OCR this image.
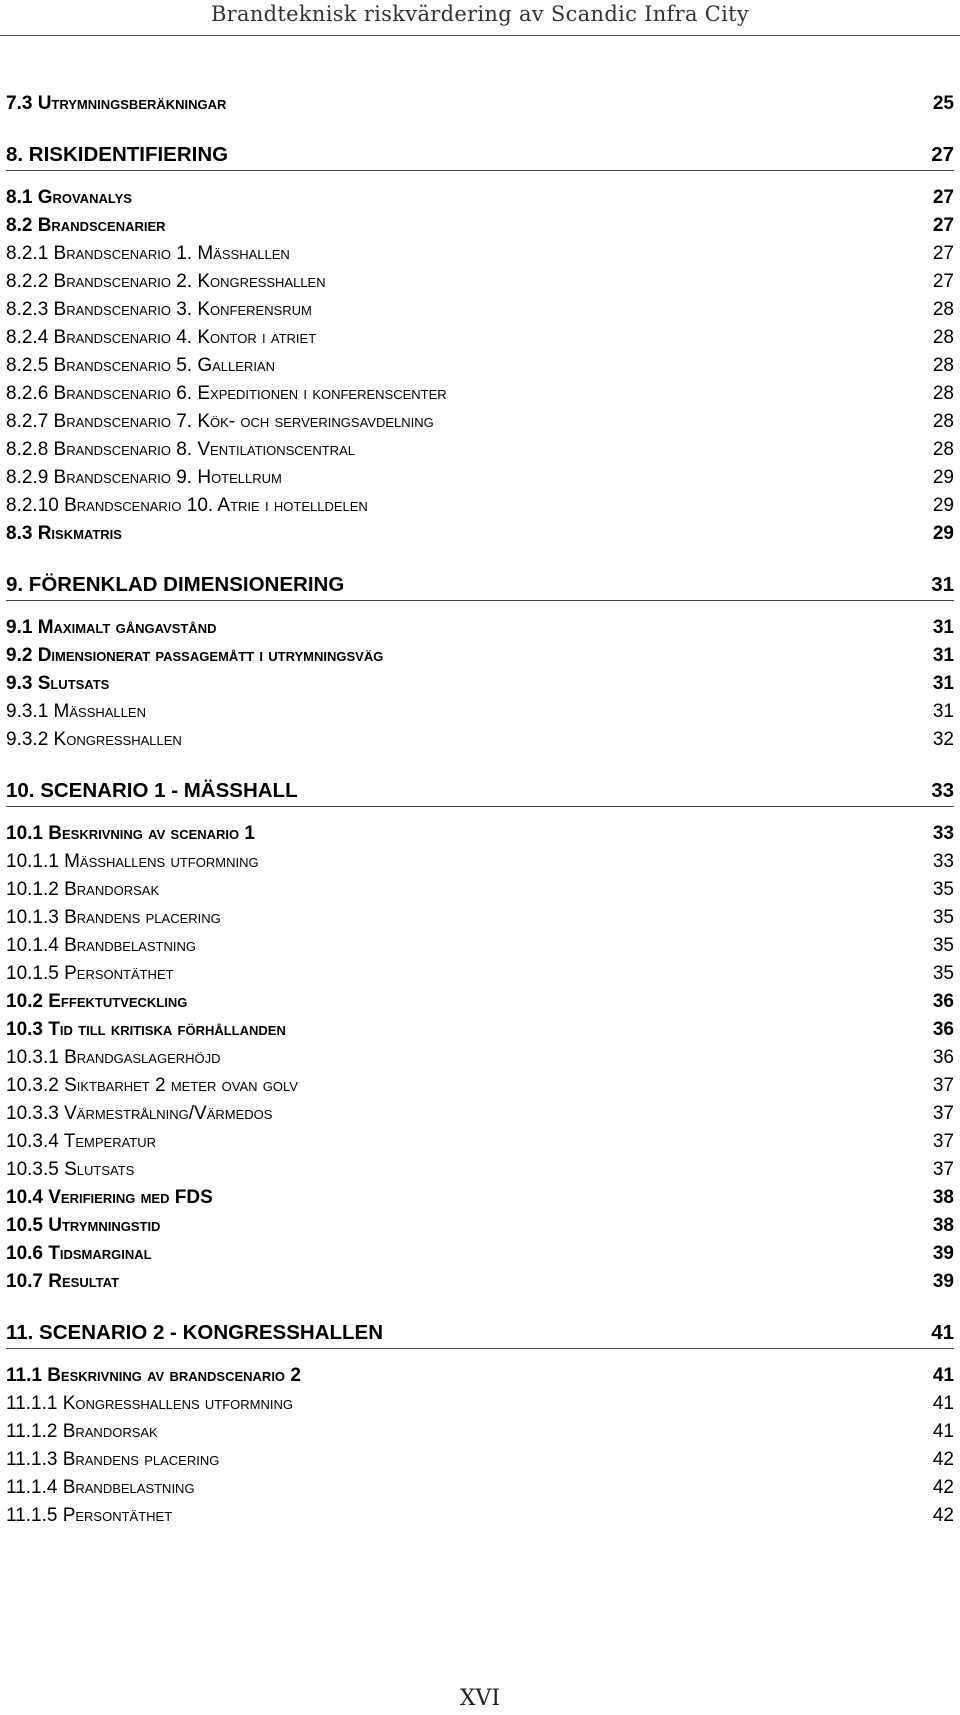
Brandteknisk riskvärdering av Scandic Infra City
7.3 Utrymningsberäkningar	25
8. RISKIDENTIFIERING	27
8.1 Grovanalys	27
8.2 Brandscenarier	27
8.2.1 Brandscenario 1. Mässhallen	27
8.2.2 Brandscenario 2. Kongresshallen	27
8.2.3 Brandscenario 3. Konferensrum	28
8.2.4 Brandscenario 4. Kontor i atriet	28
8.2.5 Brandscenario 5. Gallerian	28
8.2.6 Brandscenario 6. Expeditionen i konferenscenter	28
8.2.7 Brandscenario 7. Kök- och serveringsavdelning	28
8.2.8 Brandscenario 8. Ventilationscentral	28
8.2.9 Brandscenario 9. Hotellrum	29
8.2.10 Brandscenario 10. Atrie i hotelldelen	29
8.3 Riskmatris	29
9. FÖRENKLAD DIMENSIONERING	31
9.1 Maximalt gångavstånd	31
9.2 Dimensionerat passagemått i utrymningsväg	31
9.3 Slutsats	31
9.3.1 Mässhallen	31
9.3.2 Kongresshallen	32
10. SCENARIO 1 - MÄSSHALL	33
10.1 Beskrivning av scenario 1	33
10.1.1 Mässhallens utformning	33
10.1.2 Brandorsak	35
10.1.3 Brandens placering	35
10.1.4 Brandbelastning	35
10.1.5 Persontäthet	35
10.2 Effektutveckling	36
10.3 Tid till kritiska förhållanden	36
10.3.1 Brandgaslagerhöjd	36
10.3.2 Siktbarhet 2 meter ovan golv	37
10.3.3 Värmestrålning/Värmedos	37
10.3.4 Temperatur	37
10.3.5 Slutsats	37
10.4 Verifiering med FDS	38
10.5 Utrymningstid	38
10.6 Tidsmarginal	39
10.7 Resultat	39
11. SCENARIO 2 - KONGRESSHALLEN	41
11.1 Beskrivning av brandscenario 2	41
11.1.1 Kongresshallens utformning	41
11.1.2 Brandorsak	41
11.1.3 Brandens placering	42
11.1.4 Brandbelastning	42
11.1.5 Persontäthet	42
XVI
